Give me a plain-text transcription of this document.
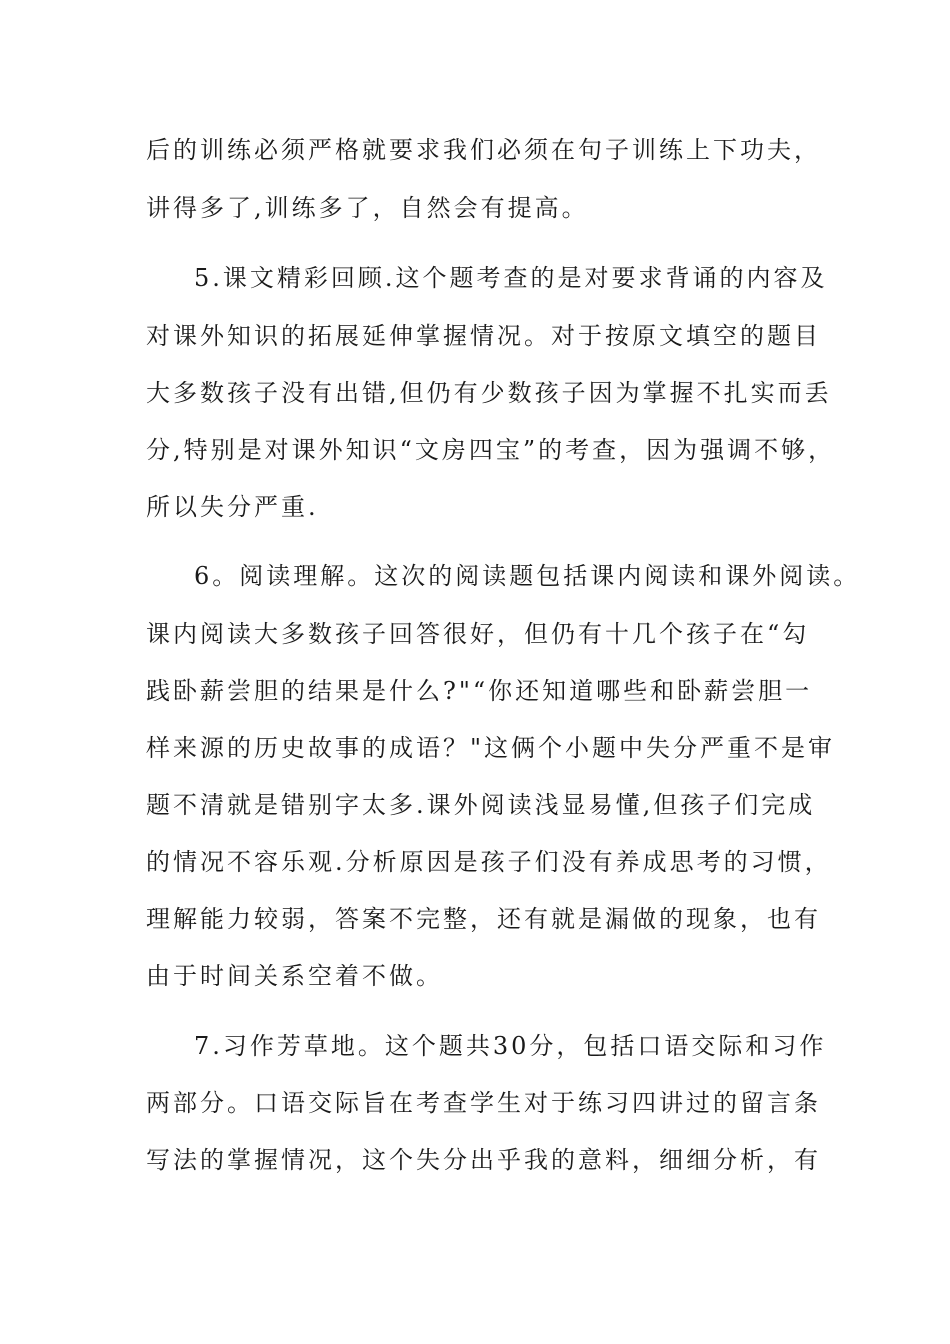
后的训练必须严格就要求我们必须在句子训练上下功夫，
讲得多了,训练多了，自然会有提高。
5.课文精彩回顾.这个题考查的是对要求背诵的内容及
对课外知识的拓展延伸掌握情况。对于按原文填空的题目
大多数孩子没有出错,但仍有少数孩子因为掌握不扎实而丢
分,特别是对课外知识“文房四宝”的考查，因为强调不够，
所以失分严重.
6。阅读理解。这次的阅读题包括课内阅读和课外阅读。
课内阅读大多数孩子回答很好，但仍有十几个孩子在“勾
践卧薪尝胆的结果是什么?"“你还知道哪些和卧薪尝胆一
样来源的历史故事的成语？"这俩个小题中失分严重不是审
题不清就是错别字太多.课外阅读浅显易懂,但孩子们完成
的情况不容乐观.分析原因是孩子们没有养成思考的习惯，
理解能力较弱，答案不完整，还有就是漏做的现象，也有
由于时间关系空着不做。
7.习作芳草地。这个题共30分，包括口语交际和习作
两部分。口语交际旨在考查学生对于练习四讲过的留言条
写法的掌握情况，这个失分出乎我的意料，细细分析，有
